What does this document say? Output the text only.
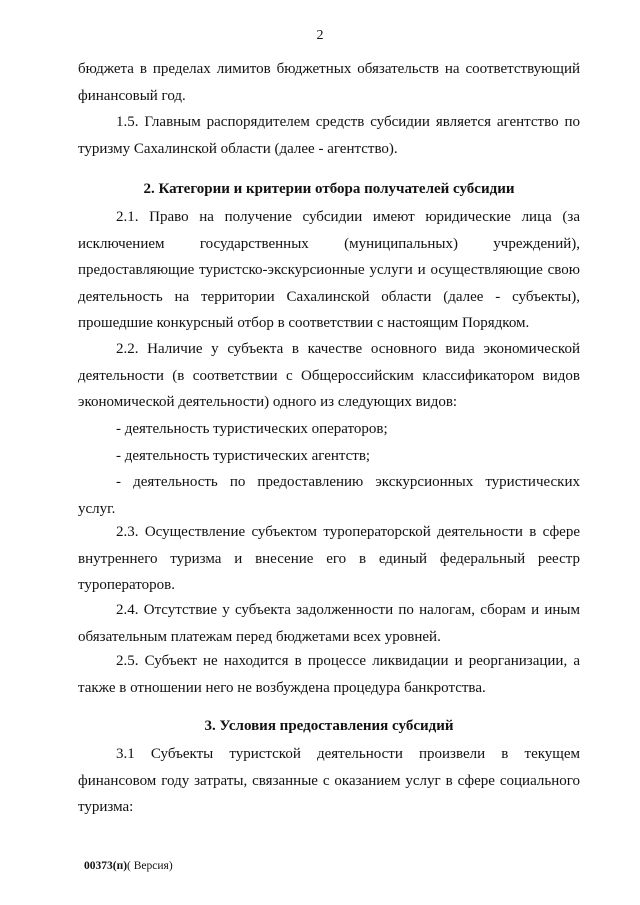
2
бюджета в пределах лимитов бюджетных обязательств на соответствующий
финансовый год.
1.5. Главным распорядителем средств субсидии является агентство по
туризму Сахалинской области (далее - агентство).
2. Категории и критерии отбора получателей субсидии
2.1. Право на получение субсидии имеют юридические лица (за
исключением государственных (муниципальных) учреждений),
предоставляющие туристско-экскурсионные услуги и осуществляющие свою
деятельность на территории Сахалинской области (далее - субъекты),
прошедшие конкурсный отбор в соответствии с настоящим Порядком.
2.2. Наличие у субъекта в качестве основного вида экономической
деятельности (в соответствии с Общероссийским классификатором видов
экономической деятельности) одного из следующих видов:
- деятельность туристических операторов;
- деятельность туристических агентств;
- деятельность по предоставлению экскурсионных туристических
услуг.
2.3. Осуществление субъектом туроператорской деятельности в сфере
внутреннего туризма и внесение его в единый федеральный реестр
туроператоров.
2.4. Отсутствие у субъекта задолженности по налогам, сборам и иным
обязательным платежам перед бюджетами всех уровней.
2.5. Субъект не находится в процессе ликвидации и реорганизации, а
также в отношении него не возбуждена процедура банкротства.
3. Условия предоставления субсидий
3.1 Субъекты туристской деятельности произвели в текущем
финансовом году затраты, связанные с оказанием услуг в сфере социального
туризма:
00373(п)( Версия)
